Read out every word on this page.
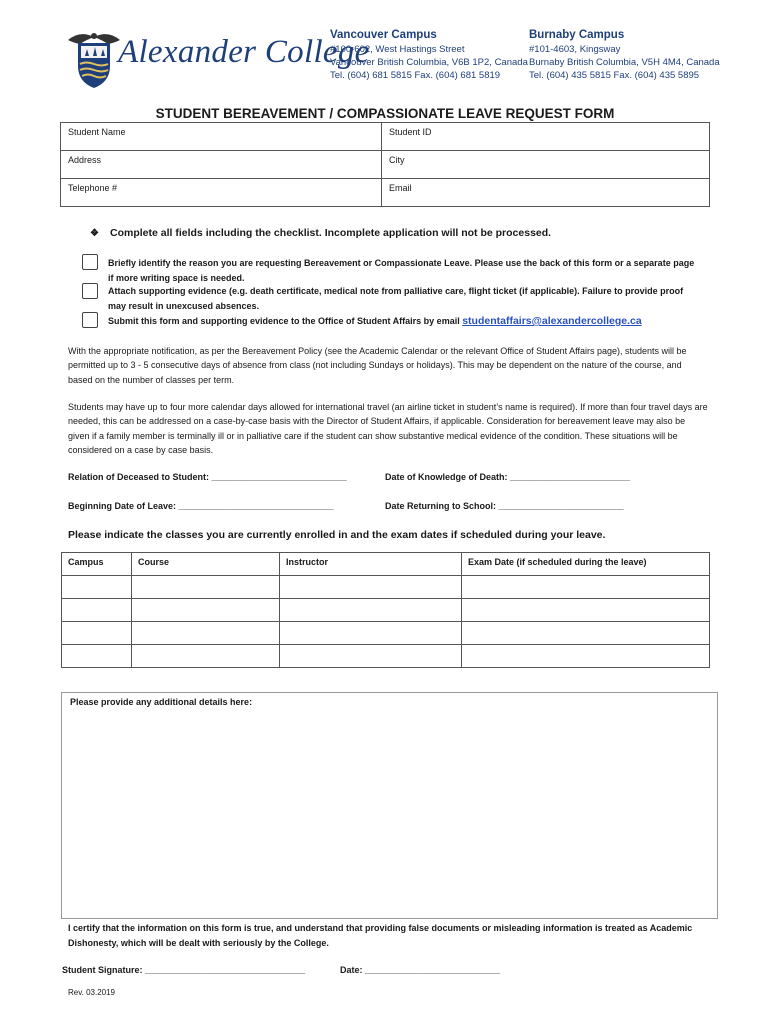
Alexander College
Vancouver Campus
#100-602, West Hastings Street
Vancouver British Columbia, V6B 1P2, Canada
Tel. (604) 681 5815 Fax. (604) 681 5819
Burnaby Campus
#101-4603, Kingsway
Burnaby British Columbia, V5H 4M4, Canada
Tel. (604) 435 5815 Fax. (604) 435 5895
STUDENT BEREAVEMENT / COMPASSIONATE LEAVE REQUEST FORM
Student Name	Student ID
Address	City
Telephone #	Email
❖ Complete all fields including the checklist. Incomplete application will not be processed.
Briefly identify the reason you are requesting Bereavement or Compassionate Leave. Please use the back of this form or a separate page if more writing space is needed.
Attach supporting evidence (e.g. death certificate, medical note from palliative care, flight ticket (if applicable). Failure to provide proof may result in unexcused absences.
Submit this form and supporting evidence to the Office of Student Affairs by email studentaffairs@alexandercollege.ca
With the appropriate notification, as per the Bereavement Policy (see the Academic Calendar or the relevant Office of Student Affairs page), students will be permitted up to 3 - 5 consecutive days of absence from class (not including Sundays or holidays). This may be dependent on the nature of the course, and based on the number of classes per term.
Students may have up to four more calendar days allowed for international travel (an airline ticket in student’s name is required). If more than four travel days are needed, this can be addressed on a case-by-case basis with the Director of Student Affairs, if applicable. Consideration for bereavement leave may also be given if a family member is terminally ill or in palliative care if the student can show substantive medical evidence of the condition. These situations will be considered on a case by case basis.
Relation of Deceased to Student: ___________________________	Date of Knowledge of Death: ________________________
Beginning Date of Leave: _______________________________	Date Returning to School: _________________________
Please indicate the classes you are currently enrolled in and the exam dates if scheduled during your leave.
Campus	Course	Instructor	Exam Date (if scheduled during the leave)

Please provide any additional details here:
I certify that the information on this form is true, and understand that providing false documents or misleading information is treated as Academic Dishonesty, which will be dealt with seriously by the College.
Student Signature: ________________________________	Date: ___________________________
Rev. 03.2019
